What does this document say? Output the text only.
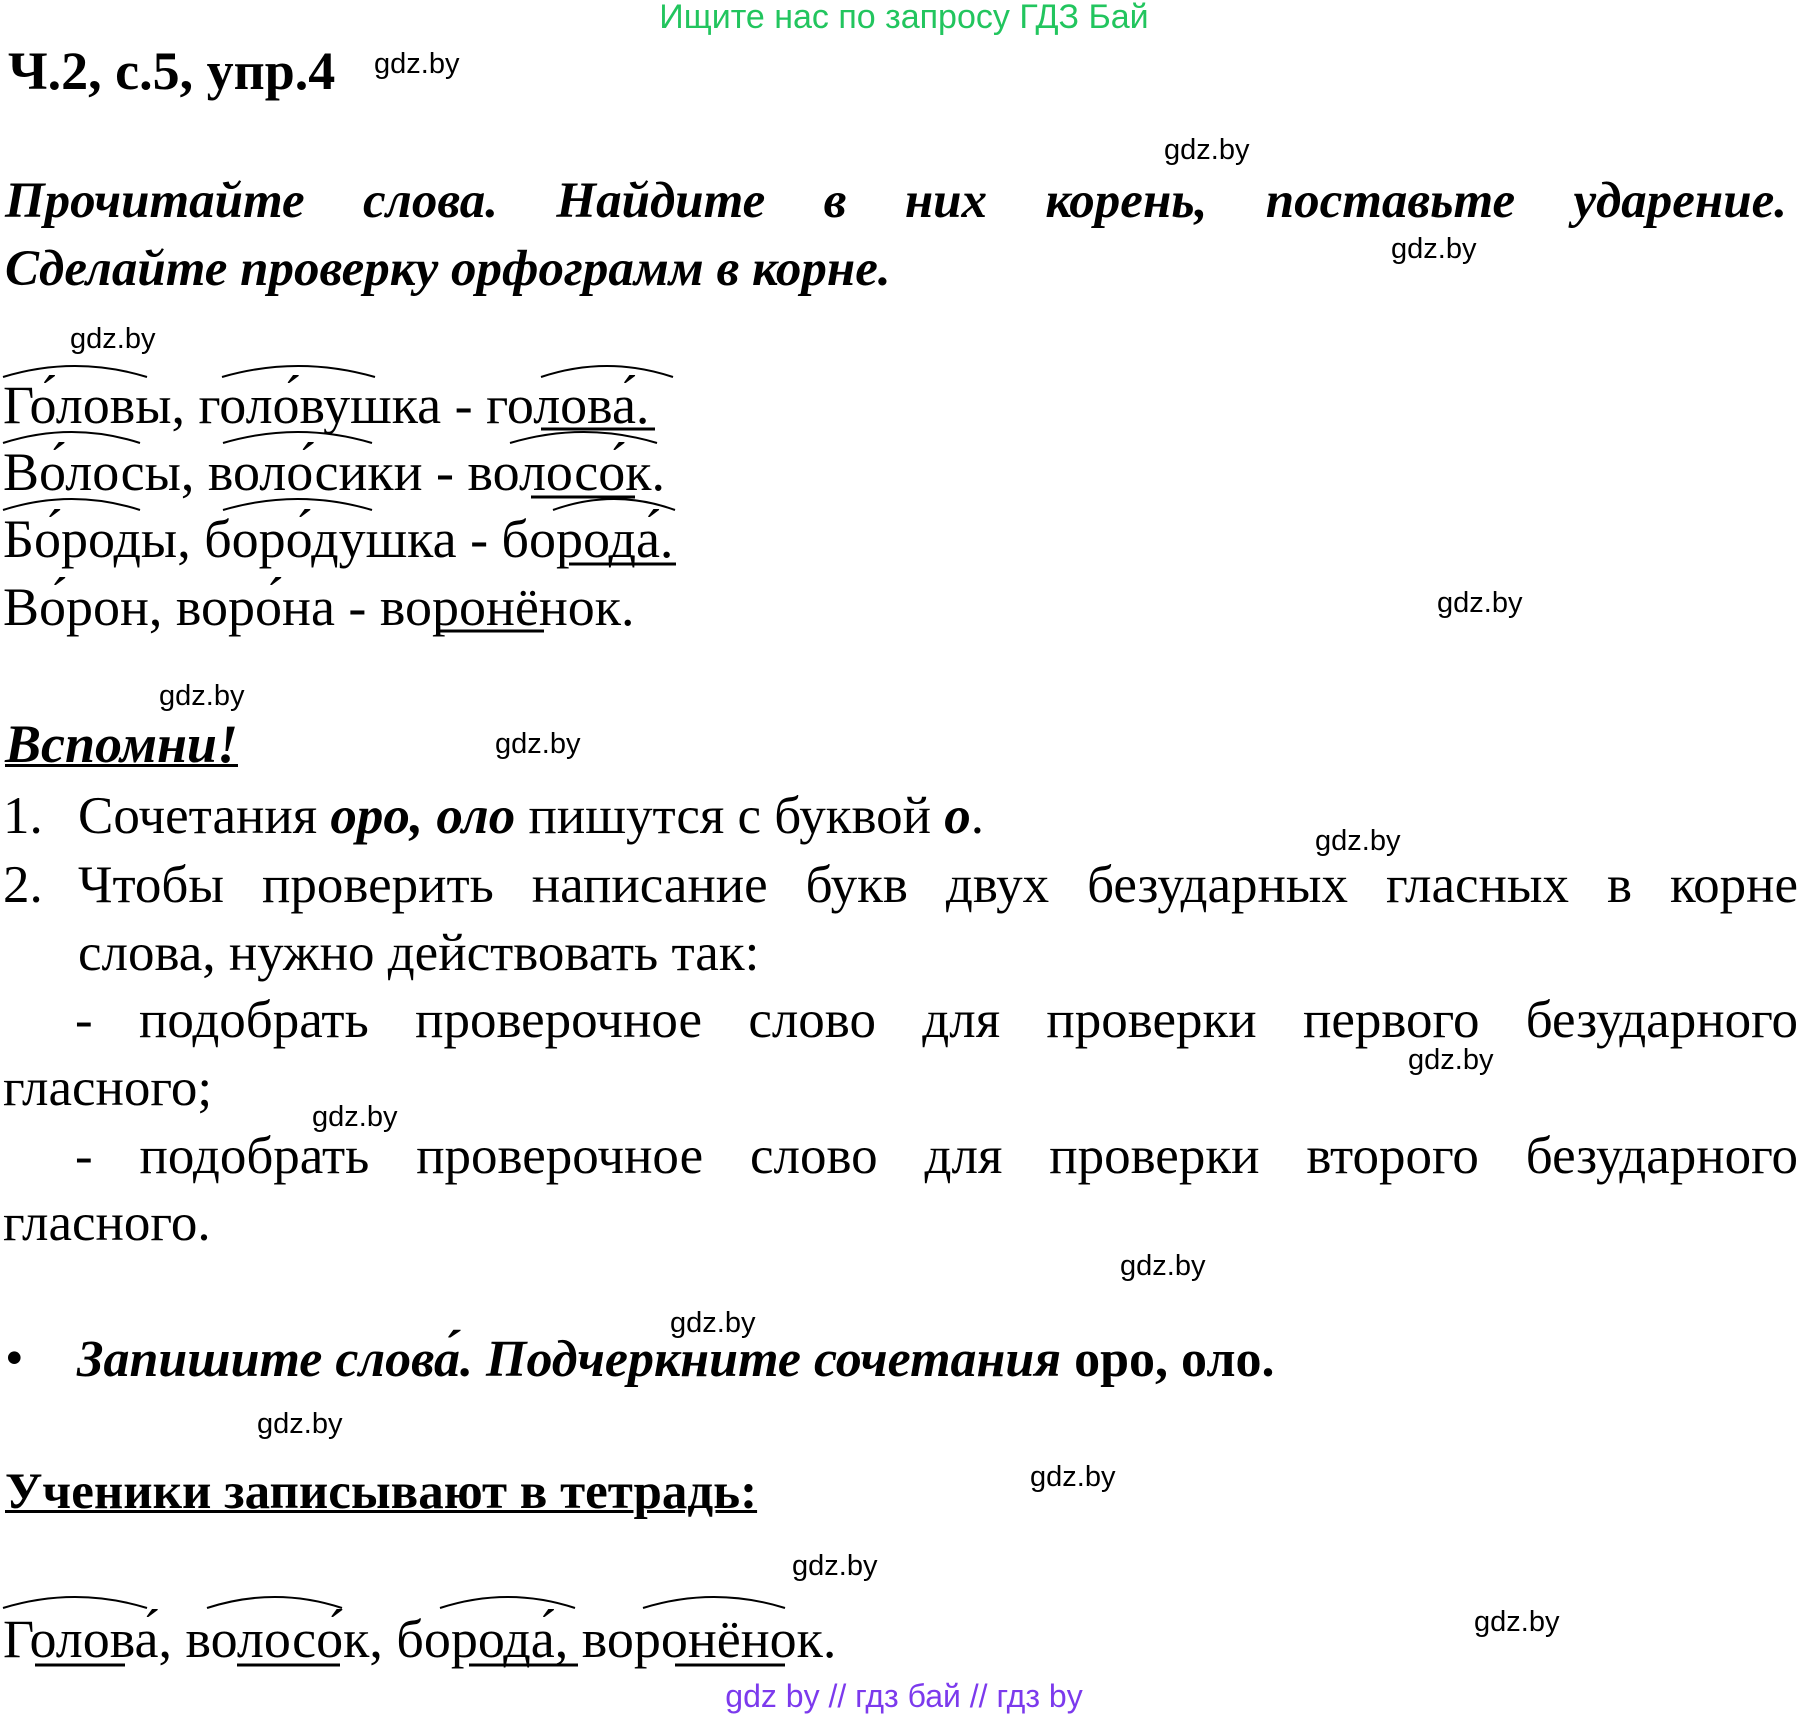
Ищите нас по запросу ГДЗ Бай
Ч.2, с.5, упр.4 gdz.by
gdz.by
gdz.by
gdz.by
gdz.by
gdz.by
gdz.by
gdz.by
gdz.by
gdz.by
gdz.by
gdz.by
gdz.by
gdz.by
gdz.by
gdz.by
Прочитайте слова. Найдите в них корень, поставьте ударение.
Сделайте проверку орфограмм в корне.
Го́ловы, голо́вушка - голова́.
Во́лосы, воло́сики - волосо́к.
Бо́роды, боро́душка - борода́.
Во́рон, воро́на - воронёнок.
Вспомни!
1. Сочетания оро, оло пишутся с буквой о.
2. Чтобы проверить написание букв двух безударных гласных в корне
слова, нужно действовать так:
- подобрать проверочное слово для проверки первого безударного
гласного;
- подобрать проверочное слово для проверки второго безударного
гласного.
• Запишите слова́. Подчеркните сочетания оро, оло.
Ученики записывают в тетрадь:
Голова́, волосо́к, борода́, воронёнок.
gdz by // гдз бай // гдз by
